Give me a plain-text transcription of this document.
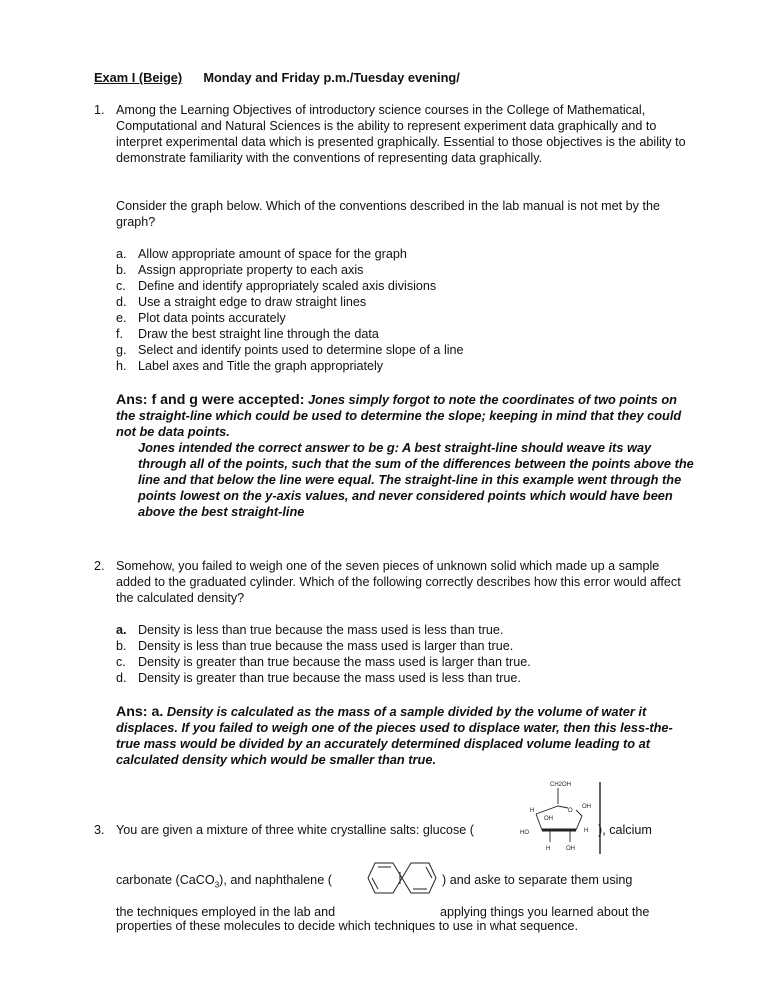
Exam I (Beige) Monday and Friday p.m./Tuesday evening/
1. Among the Learning Objectives of introductory science courses in the College of Mathematical, Computational and Natural Sciences is the ability to represent experiment data graphically and to interpret experimental data which is presented graphically. Essential to those objectives is the ability to demonstrate familiarity with the conventions of representing data graphically.
Consider the graph below. Which of the conventions described in the lab manual is not met by the graph?
a. Allow appropriate amount of space for the graph
b. Assign appropriate property to each axis
c. Define and identify appropriately scaled axis divisions
d. Use a straight edge to draw straight lines
e. Plot data points accurately
f. Draw the best straight line through the data
g. Select and identify points used to determine slope of a line
h. Label axes and Title the graph appropriately
Ans: f and g were accepted: Jones simply forgot to note the coordinates of two points on the straight-line which could be used to determine the slope; keeping in mind that they could not be data points.
Jones intended the correct answer to be g: A best straight-line should weave its way through all of the points, such that the sum of the differences between the points above the line and that below the line were equal. The straight-line in this example went through the points lowest on the y-axis values, and never considered points which would have been above the best straight-line
2. Somehow, you failed to weigh one of the seven pieces of unknown solid which made up a sample added to the graduated cylinder. Which of the following correctly describes how this error would affect the calculated density?
a. Density is less than true because the mass used is less than true.
b. Density is less than true because the mass used is larger than true.
c. Density is greater than true because the mass used is larger than true.
d. Density is greater than true because the mass used is less than true.
Ans: a. Density is calculated as the mass of a sample divided by the volume of water it displaces. If you failed to weigh one of the pieces used to displace water, then this less-the-true mass would be divided by an accurately determined displaced volume leading to at calculated density which would be smaller than true.
3. You are given a mixture of three white crystalline salts: glucose (	), calcium
CH2OH
O
H
OH
OH
HO	H
H	OH
carbonate (CaCO$_3$), and naphthalene (	) and aske to separate them using
the techniques employed in the lab and	applying things you learned about the
properties of these molecules to decide which techniques to use in what sequence.
